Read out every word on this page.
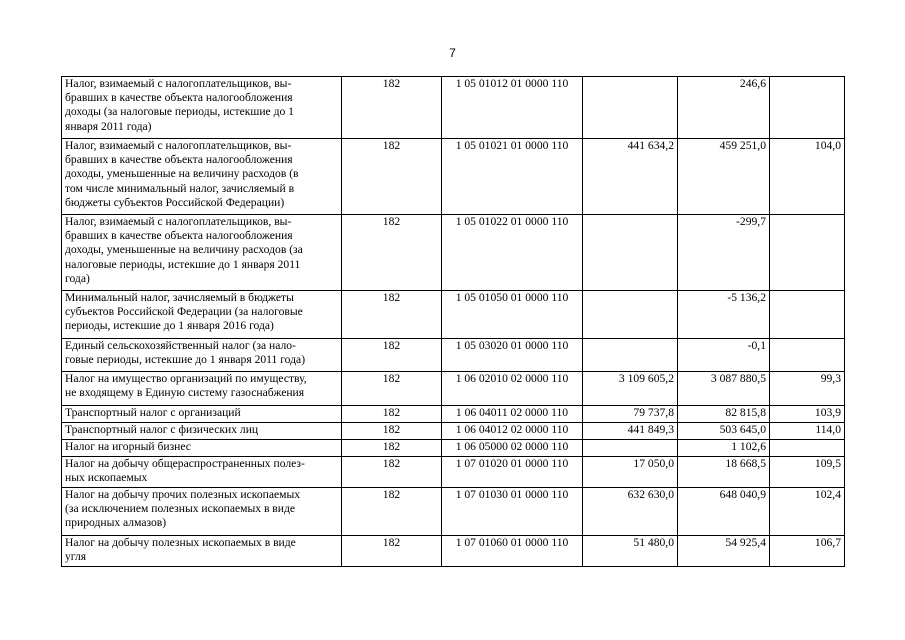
7
Налог, взимаемый с налогоплательщиков, вы-
бравших в качестве объекта налогообложения
доходы (за налоговые периоды, истекшие до 1
января 2011 года)	182	1 05 01012 01 0000 110		246,6	
Налог, взимаемый с налогоплательщиков, вы-
бравших в качестве объекта налогообложения
доходы, уменьшенные на величину расходов (в
том числе минимальный налог, зачисляемый в
бюджеты субъектов Российской Федерации)	182	1 05 01021 01 0000 110	441 634,2	459 251,0	104,0
Налог, взимаемый с налогоплательщиков, вы-
бравших в качестве объекта налогообложения
доходы, уменьшенные на величину расходов (за
налоговые периоды, истекшие до 1 января 2011
года)	182	1 05 01022 01 0000 110		-299,7	
Минимальный налог, зачисляемый в бюджеты
субъектов Российской Федерации (за налоговые
периоды, истекшие до 1 января 2016 года)	182	1 05 01050 01 0000 110		-5 136,2	
Единый сельскохозяйственный налог (за нало-
говые периоды, истекшие до 1 января 2011 года)	182	1 05 03020 01 0000 110		-0,1	
Налог на имущество организаций по имуществу,
не входящему в Единую систему газоснабжения	182	1 06 02010 02 0000 110	3 109 605,2	3 087 880,5	99,3
Транспортный налог с организаций	182	1 06 04011 02 0000 110	79 737,8	82 815,8	103,9
Транспортный налог с физических лиц	182	1 06 04012 02 0000 110	441 849,3	503 645,0	114,0
Налог на игорный бизнес	182	1 06 05000 02 0000 110		1 102,6	
Налог на добычу общераспространенных полез-
ных ископаемых	182	1 07 01020 01 0000 110	17 050,0	18 668,5	109,5
Налог на добычу прочих полезных ископаемых
(за исключением полезных ископаемых в виде
природных алмазов)	182	1 07 01030 01 0000 110	632 630,0	648 040,9	102,4
Налог на добычу полезных ископаемых в виде
угля	182	1 07 01060 01 0000 110	51 480,0	54 925,4	106,7
